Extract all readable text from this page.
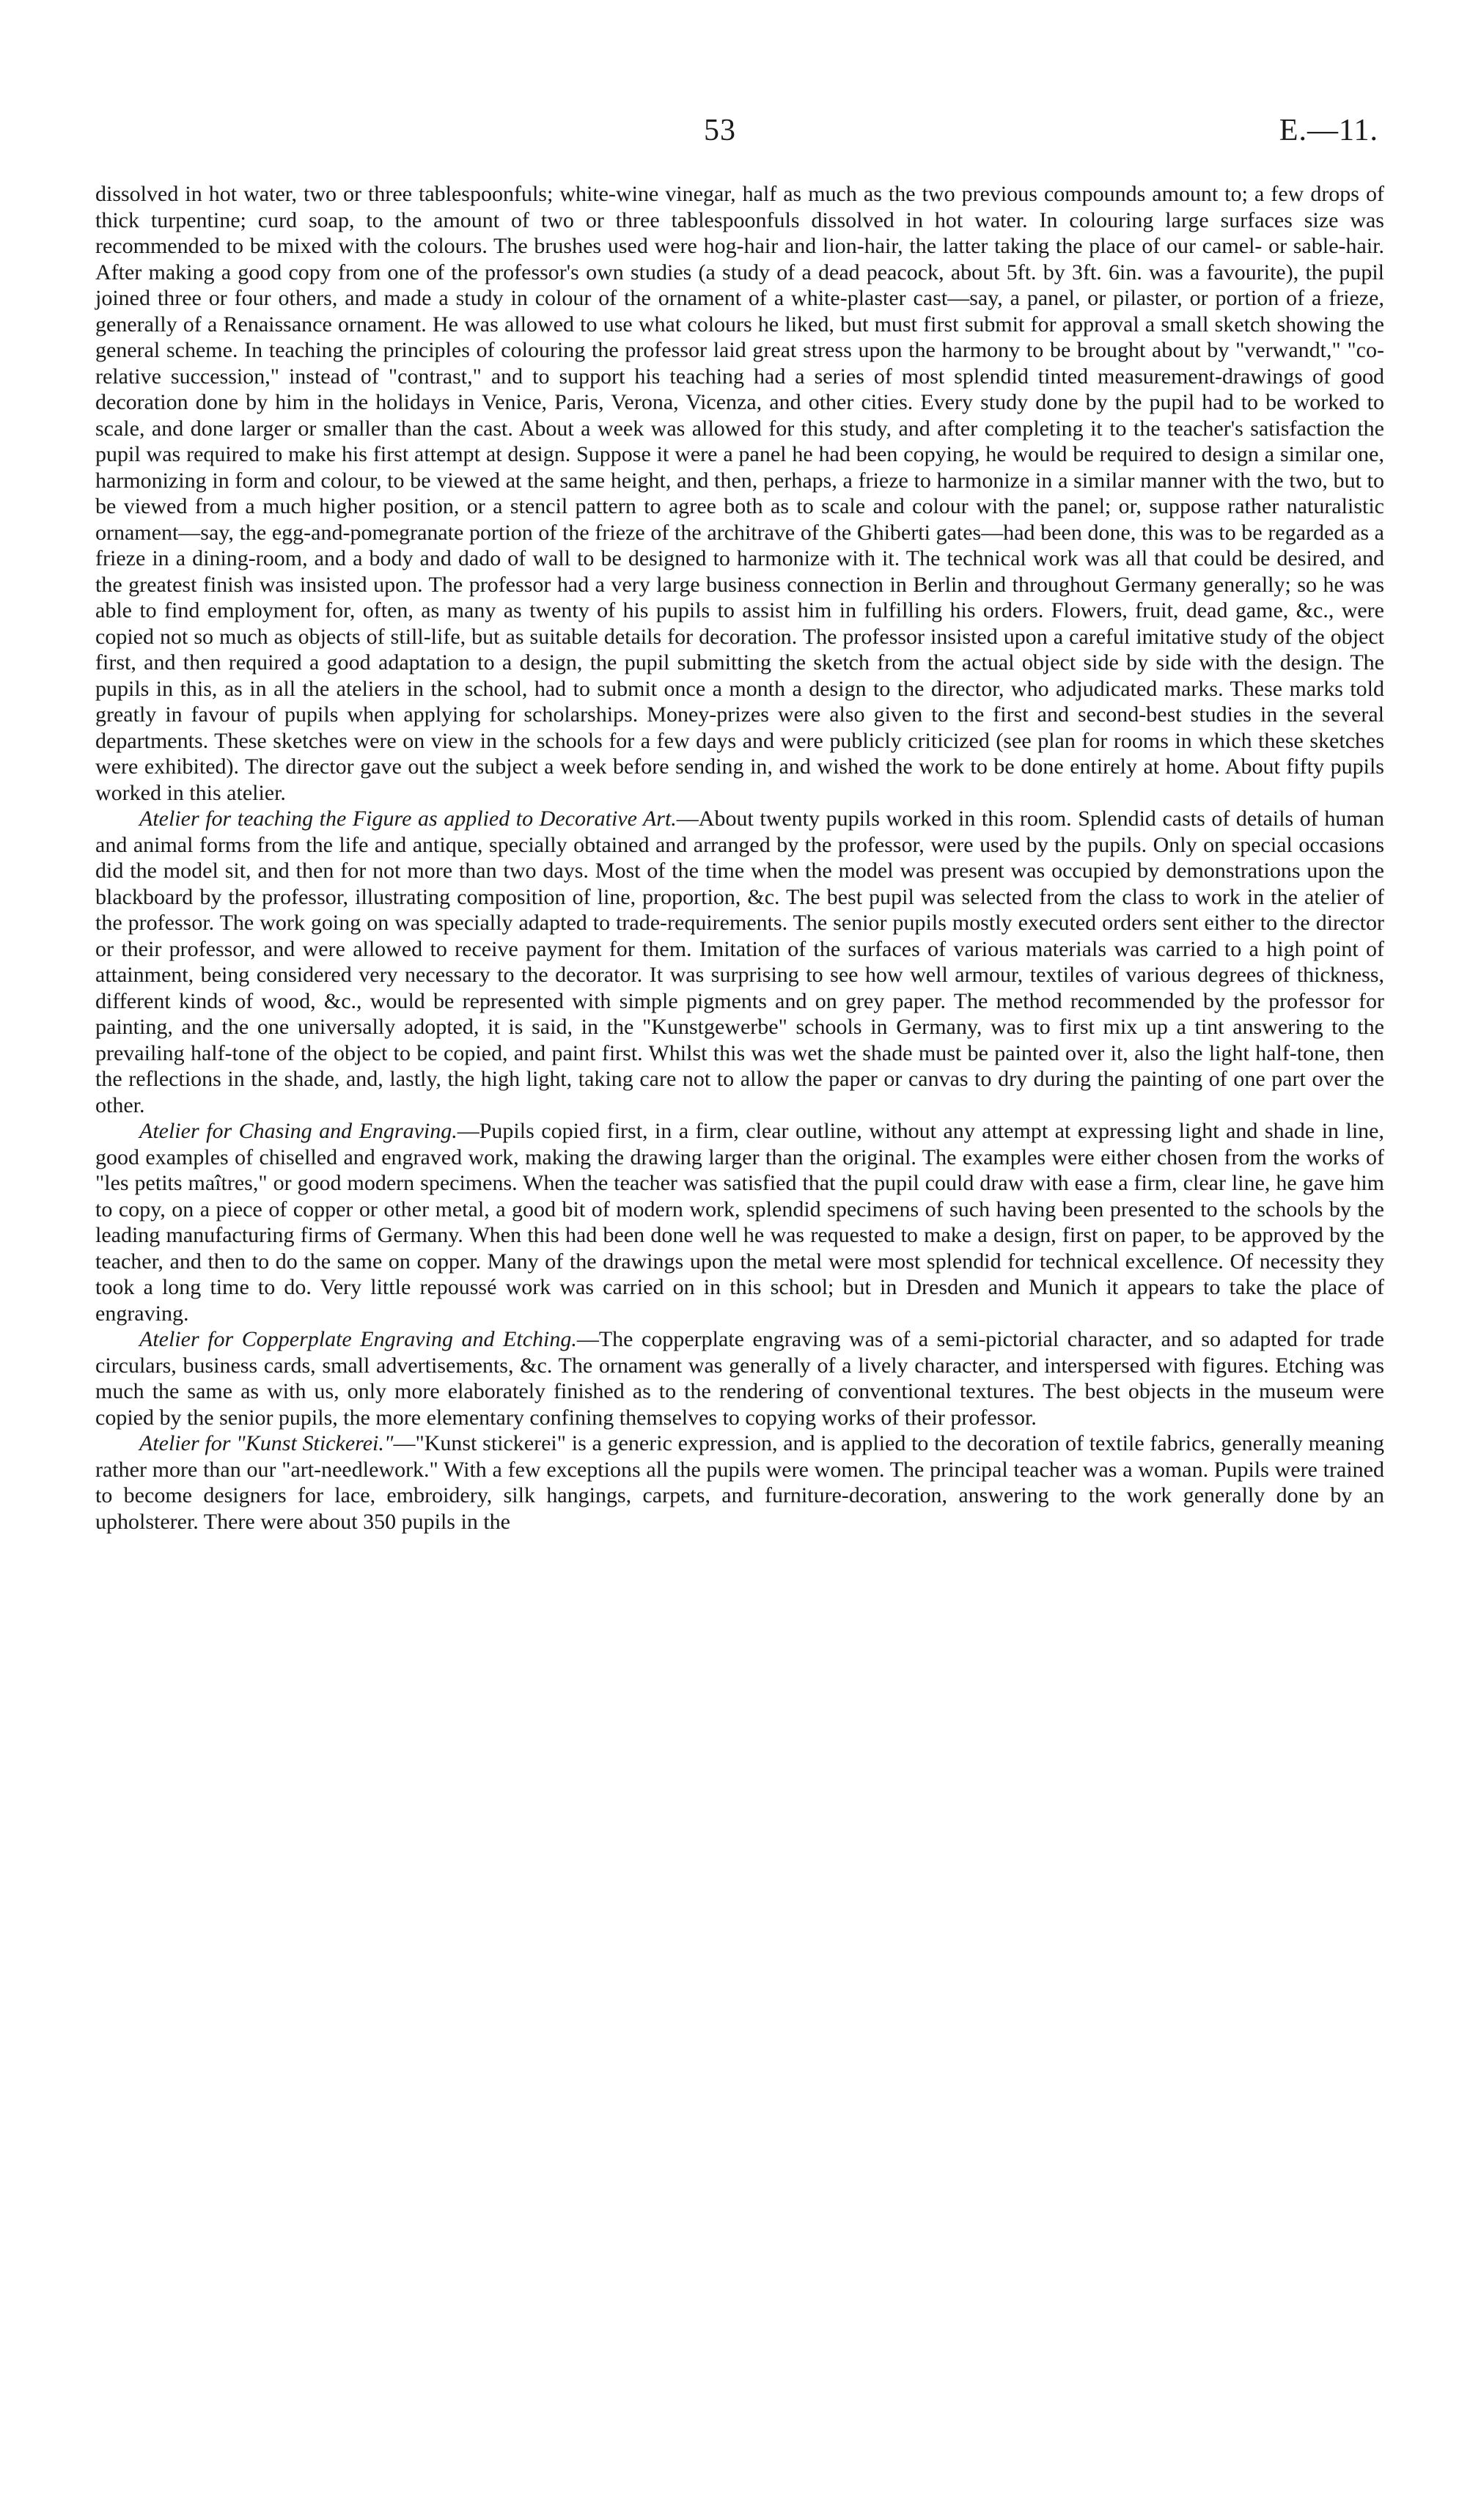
53	E.—11.

dissolved in hot water, two or three tablespoonfuls; white-wine vinegar, half as much as the two previous compounds amount to; a few drops of thick turpentine; curd soap, to the amount of two or three tablespoonfuls dissolved in hot water. In colouring large surfaces size was recommended to be mixed with the colours. The brushes used were hog-hair and lion-hair, the latter taking the place of our camel- or sable-hair. After making a good copy from one of the professor's own studies (a study of a dead peacock, about 5ft. by 3ft. 6in. was a favourite), the pupil joined three or four others, and made a study in colour of the ornament of a white-plaster cast—say, a panel, or pilaster, or portion of a frieze, generally of a Renaissance ornament. He was allowed to use what colours he liked, but must first submit for approval a small sketch showing the general scheme. In teaching the principles of colouring the professor laid great stress upon the harmony to be brought about by "verwandt," "co-relative succession," instead of "contrast," and to support his teaching had a series of most splendid tinted measurement-drawings of good decoration done by him in the holidays in Venice, Paris, Verona, Vicenza, and other cities. Every study done by the pupil had to be worked to scale, and done larger or smaller than the cast. About a week was allowed for this study, and after completing it to the teacher's satisfaction the pupil was required to make his first attempt at design. Suppose it were a panel he had been copying, he would be required to design a similar one, harmonizing in form and colour, to be viewed at the same height, and then, perhaps, a frieze to harmonize in a similar manner with the two, but to be viewed from a much higher position, or a stencil pattern to agree both as to scale and colour with the panel; or, suppose rather naturalistic ornament—say, the egg-and-pomegranate portion of the frieze of the architrave of the Ghiberti gates—had been done, this was to be regarded as a frieze in a dining-room, and a body and dado of wall to be designed to harmonize with it. The technical work was all that could be desired, and the greatest finish was insisted upon. The professor had a very large business connection in Berlin and throughout Germany generally; so he was able to find employment for, often, as many as twenty of his pupils to assist him in fulfilling his orders. Flowers, fruit, dead game, &c., were copied not so much as objects of still-life, but as suitable details for decoration. The professor insisted upon a careful imitative study of the object first, and then required a good adaptation to a design, the pupil submitting the sketch from the actual object side by side with the design. The pupils in this, as in all the ateliers in the school, had to submit once a month a design to the director, who adjudicated marks. These marks told greatly in favour of pupils when applying for scholarships. Money-prizes were also given to the first and second-best studies in the several departments. These sketches were on view in the schools for a few days and were publicly criticized (see plan for rooms in which these sketches were exhibited). The director gave out the subject a week before sending in, and wished the work to be done entirely at home. About fifty pupils worked in this atelier.

Atelier for teaching the Figure as applied to Decorative Art.—About twenty pupils worked in this room. Splendid casts of details of human and animal forms from the life and antique, specially obtained and arranged by the professor, were used by the pupils. Only on special occasions did the model sit, and then for not more than two days. Most of the time when the model was present was occupied by demonstrations upon the blackboard by the professor, illustrating composition of line, proportion, &c. The best pupil was selected from the class to work in the atelier of the professor. The work going on was specially adapted to trade-requirements. The senior pupils mostly executed orders sent either to the director or their professor, and were allowed to receive payment for them. Imitation of the surfaces of various materials was carried to a high point of attainment, being considered very necessary to the decorator. It was surprising to see how well armour, textiles of various degrees of thickness, different kinds of wood, &c., would be represented with simple pigments and on grey paper. The method recommended by the professor for painting, and the one universally adopted, it is said, in the "Kunstgewerbe" schools in Germany, was to first mix up a tint answering to the prevailing half-tone of the object to be copied, and paint first. Whilst this was wet the shade must be painted over it, also the light half-tone, then the reflections in the shade, and, lastly, the high light, taking care not to allow the paper or canvas to dry during the painting of one part over the other.

Atelier for Chasing and Engraving.—Pupils copied first, in a firm, clear outline, without any attempt at expressing light and shade in line, good examples of chiselled and engraved work, making the drawing larger than the original. The examples were either chosen from the works of "les petits maîtres," or good modern specimens. When the teacher was satisfied that the pupil could draw with ease a firm, clear line, he gave him to copy, on a piece of copper or other metal, a good bit of modern work, splendid specimens of such having been presented to the schools by the leading manufacturing firms of Germany. When this had been done well he was requested to make a design, first on paper, to be approved by the teacher, and then to do the same on copper. Many of the drawings upon the metal were most splendid for technical excellence. Of necessity they took a long time to do. Very little repoussé work was carried on in this school; but in Dresden and Munich it appears to take the place of engraving.

Atelier for Copperplate Engraving and Etching.—The copperplate engraving was of a semi-pictorial character, and so adapted for trade circulars, business cards, small advertisements, &c. The ornament was generally of a lively character, and interspersed with figures. Etching was much the same as with us, only more elaborately finished as to the rendering of conventional textures. The best objects in the museum were copied by the senior pupils, the more elementary confining themselves to copying works of their professor.

Atelier for "Kunst Stickerei."—"Kunst stickerei" is a generic expression, and is applied to the decoration of textile fabrics, generally meaning rather more than our "art-needlework." With a few exceptions all the pupils were women. The principal teacher was a woman. Pupils were trained to become designers for lace, embroidery, silk hangings, carpets, and furniture-decoration, answering to the work generally done by an upholsterer. There were about 350 pupils in the
